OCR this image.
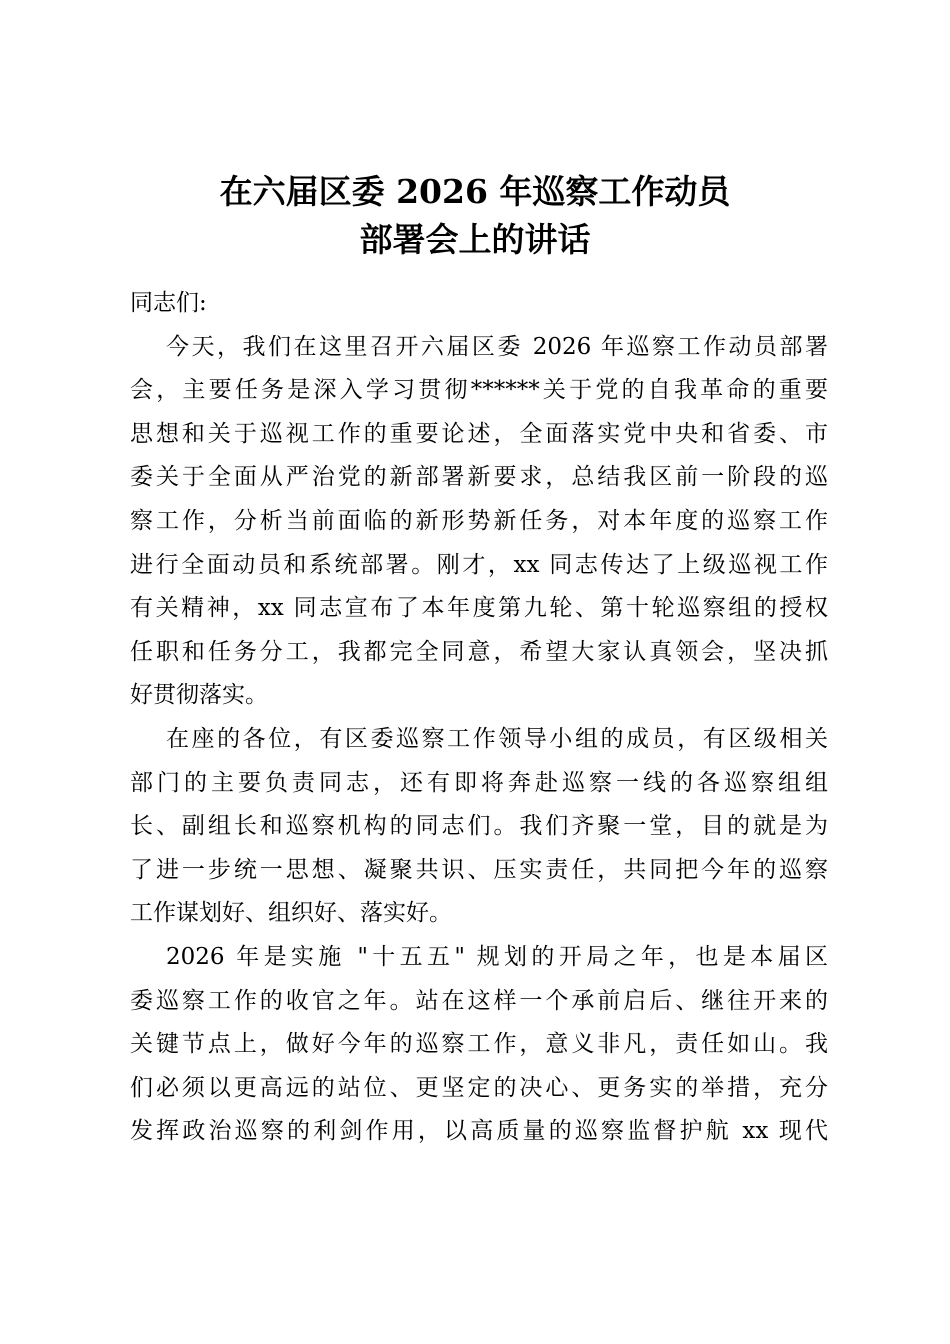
在六届区委 2026 年巡察工作动员
部署会上的讲话
同志们:
今天，我们在这里召开六届区委 2026 年巡察工作动员部署
会，主要任务是深入学习贯彻******关于党的自我革命的重要
思想和关于巡视工作的重要论述，全面落实党中央和省委、市
委关于全面从严治党的新部署新要求，总结我区前一阶段的巡
察工作，分析当前面临的新形势新任务，对本年度的巡察工作
进行全面动员和系统部署。刚才，xx 同志传达了上级巡视工作
有关精神，xx 同志宣布了本年度第九轮、第十轮巡察组的授权
任职和任务分工，我都完全同意，希望大家认真领会，坚决抓
好贯彻落实。
在座的各位，有区委巡察工作领导小组的成员，有区级相关
部门的主要负责同志，还有即将奔赴巡察一线的各巡察组组
长、副组长和巡察机构的同志们。我们齐聚一堂，目的就是为
了进一步统一思想、凝聚共识、压实责任，共同把今年的巡察
工作谋划好、组织好、落实好。
2026 年是实施 "十五五" 规划的开局之年，也是本届区
委巡察工作的收官之年。站在这样一个承前启后、继往开来的
关键节点上，做好今年的巡察工作，意义非凡，责任如山。我
们必须以更高远的站位、更坚定的决心、更务实的举措，充分
发挥政治巡察的利剑作用，以高质量的巡察监督护航 xx 现代
